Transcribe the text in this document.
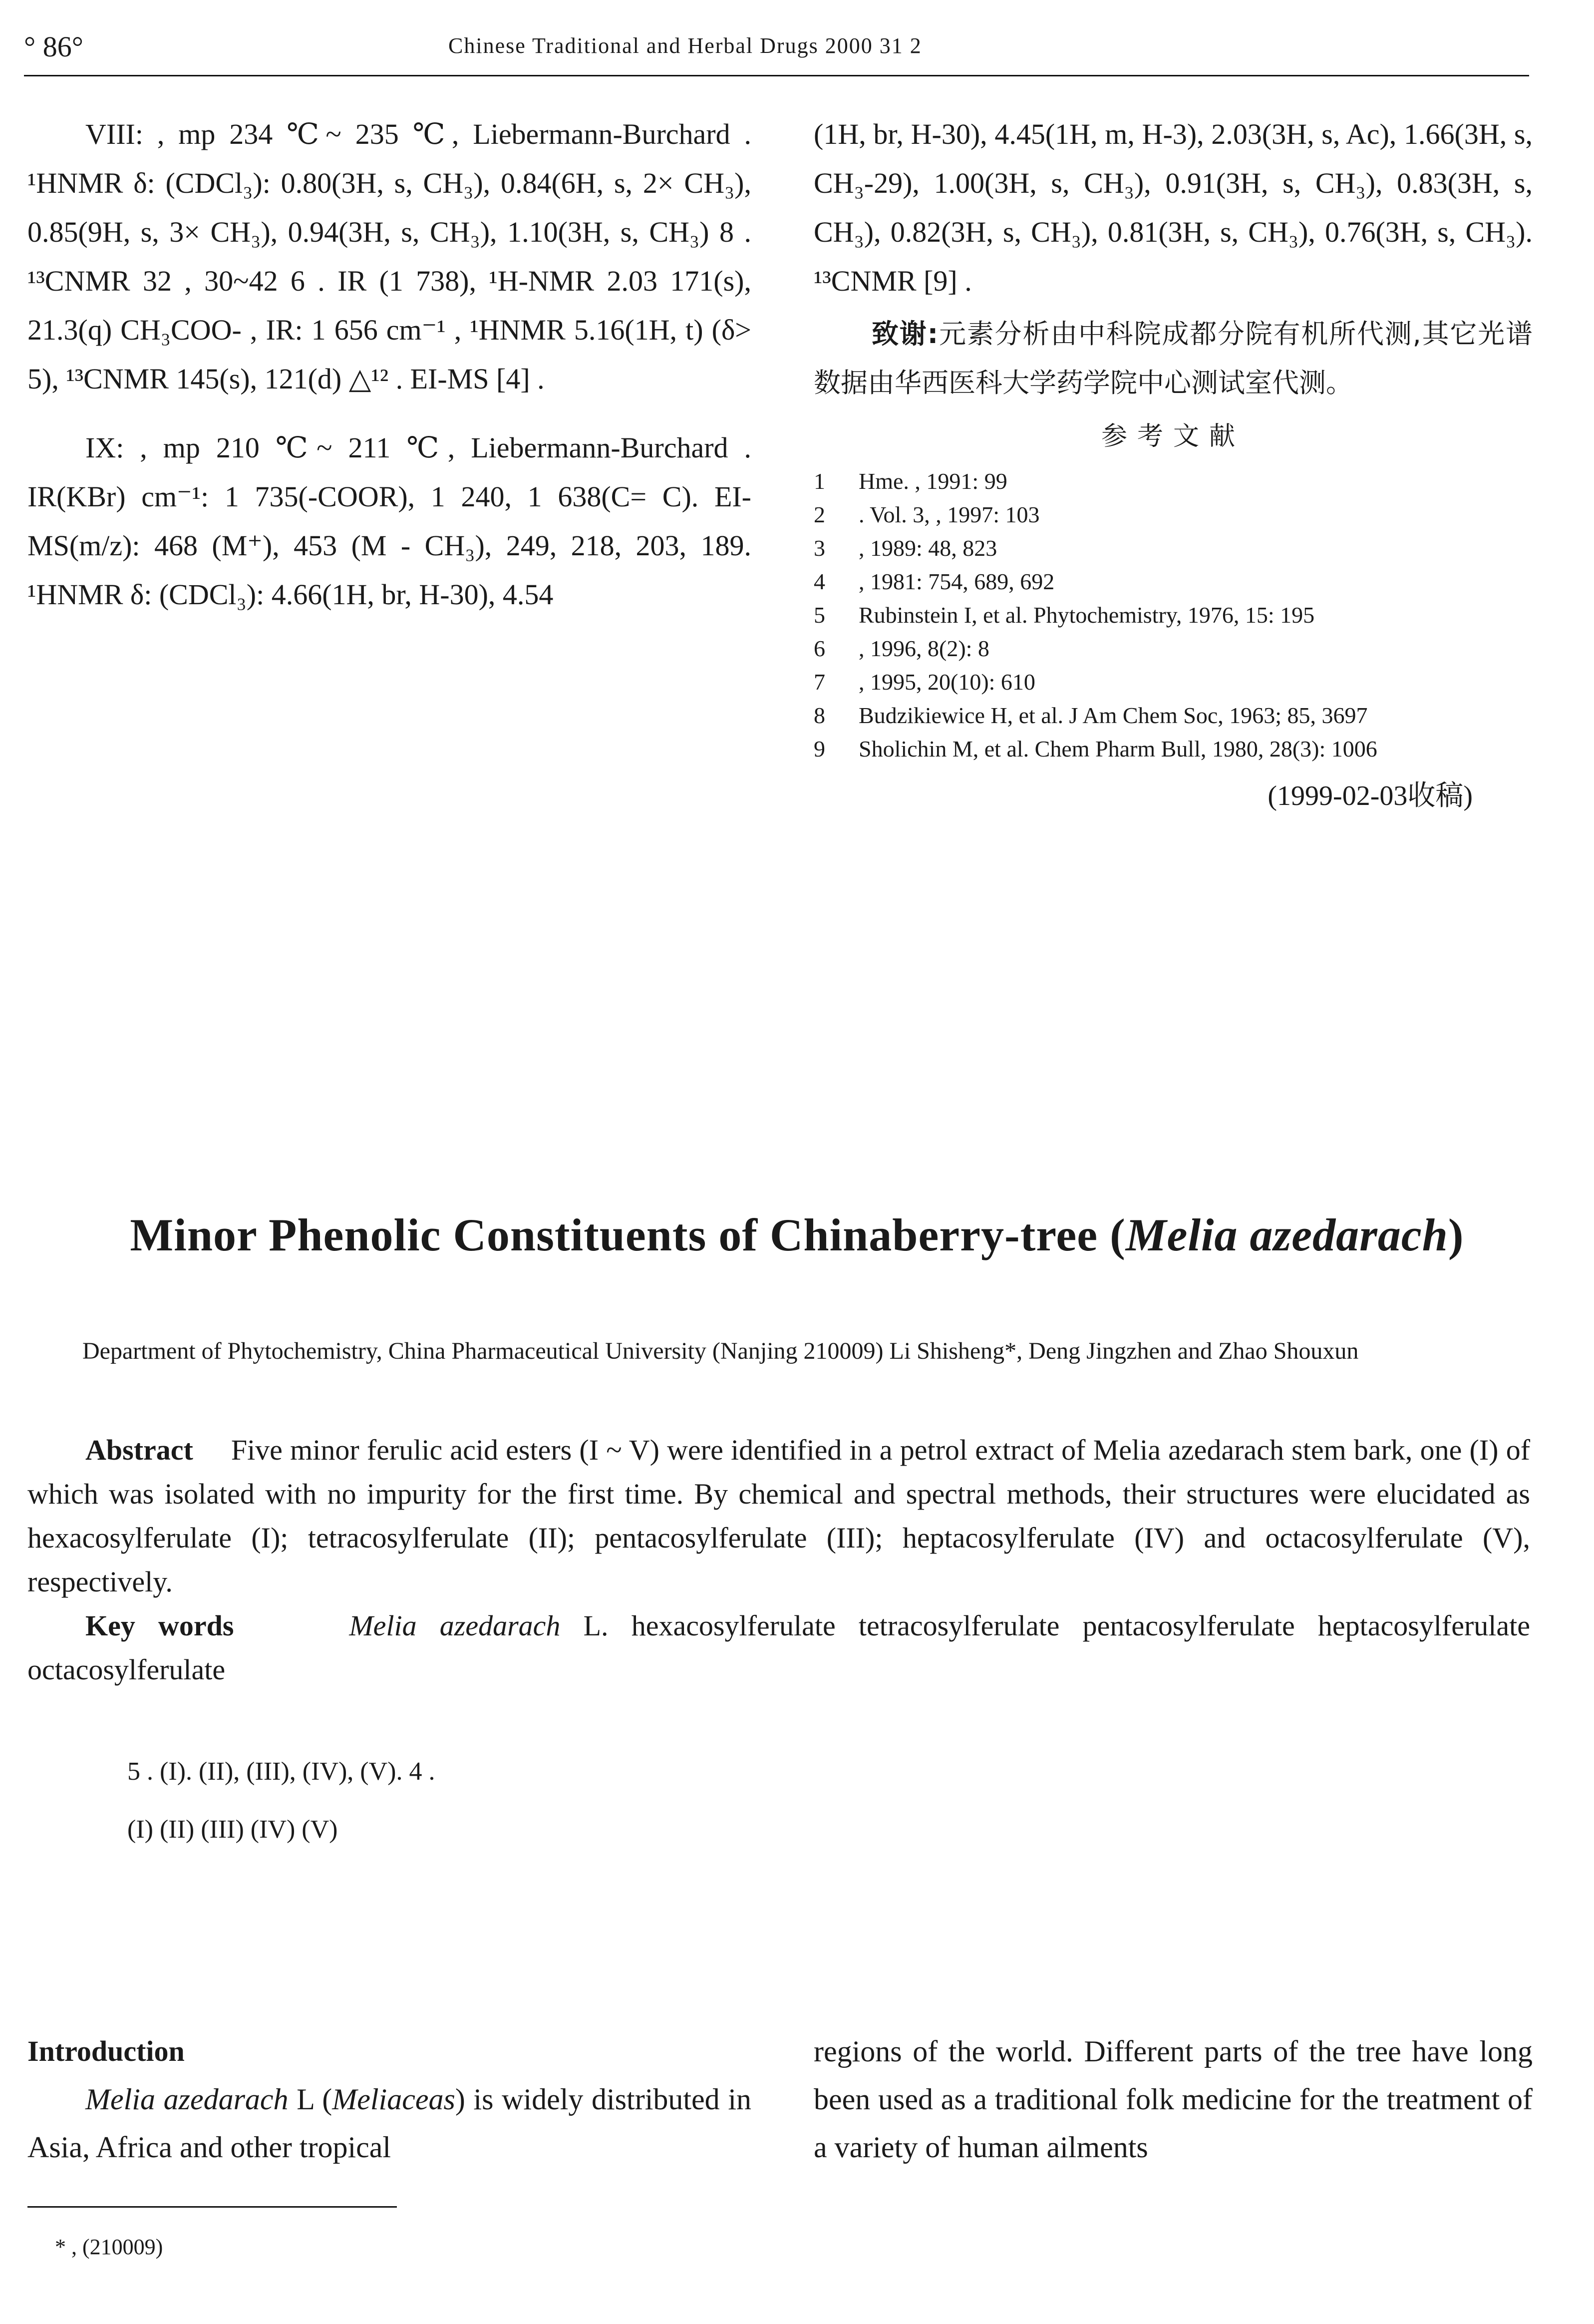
° 86°	Chinese Traditional and Herbal Drugs 2000 31 2

VIII: , mp 234 ℃~ 235 ℃, Liebermann-Burchard . ¹HNMR δ: (CDCl₃): 0.80(3H, s, CH₃), 0.84(6H, s, 2× CH₃), 0.85(9H, s, 3× CH₃), 0.94(3H, s, CH₃), 1.10(3H, s, CH₃) 8 . ¹³CNMR 32 , 30~42 6 . IR (1 738), ¹H-NMR 2.03 171(s), 21.3(q) CH₃COO- , IR: 1 656 cm⁻¹ , ¹HNMR 5.16(1H, t) (δ> 5), ¹³CNMR 145(s), 121(d) △¹² . EI-MS [4] .

IX: , mp 210 ℃~ 211 ℃, Liebermann-Burchard . IR(KBr) cm⁻¹: 1 735(-COOR), 1 240, 1 638(C= C). EI-MS(m/z): 468 (M⁺), 453 (M - CH₃), 249, 218, 203, 189. ¹HNMR δ: (CDCl₃): 4.66(1H, br, H-30), 4.54

(1H, br, H-30), 4.45(1H, m, H-3), 2.03(3H, s, Ac), 1.66(3H, s, CH₃-29), 1.00(3H, s, CH₃), 0.91(3H, s, CH₃), 0.83(3H, s, CH₃), 0.82(3H, s, CH₃), 0.81(3H, s, CH₃), 0.76(3H, s, CH₃). ¹³CNMR [9] .

致谢:元素分析由中科院成都分院有机所代测,其它光谱数据由华西医科大学药学院中心测试室代测。

参考文献

1 Hme. , 1991: 99
2 . Vol. 3, , 1997: 103
3 , 1989: 48, 823
4 , 1981: 754, 689, 692
5 Rubinstein I, et al. Phytochemistry, 1976, 15: 195
6 , 1996, 8(2): 8
7 , 1995, 20(10): 610
8 Budzikiewice H, et al. J Am Chem Soc, 1963; 85, 3697
9 Sholichin M, et al. Chem Pharm Bull, 1980, 28(3): 1006

(1999-02-03收稿)

Minor Phenolic Constituents of Chinaberry-tree (Melia azedarach)
Department of Phytochemistry, China Pharmaceutical University (Nanjing 210009) Li Shisheng*, Deng Jingzhen and Zhao Shouxun

Abstract Five minor ferulic acid esters (I ~ V) were identified in a petrol extract of Melia azedarach stem bark, one (I) of which was isolated with no impurity for the first time. By chemical and spectral methods, their structures were elucidated as hexacosylferulate (I); tetracosylferulate (II); pentacosylferulate (III); heptacosylferulate (IV) and octacosylferulate (V), respectively.

Key words	Melia azedarach L. hexacosylferulate tetracosylferulate pentacosylferulate heptacosylferulate octacosylferulate

5 . (I). (II), (III), (IV), (V). 4 .

(I) (II) (III) (IV) (V)

Introduction

Melia azedarach L (Meliaceas) is widely distributed in Asia, Africa and other tropical

regions of the world. Different parts of the tree have long been used as a traditional folk medicine for the treatment of a variety of human ailments

* , (210009)
